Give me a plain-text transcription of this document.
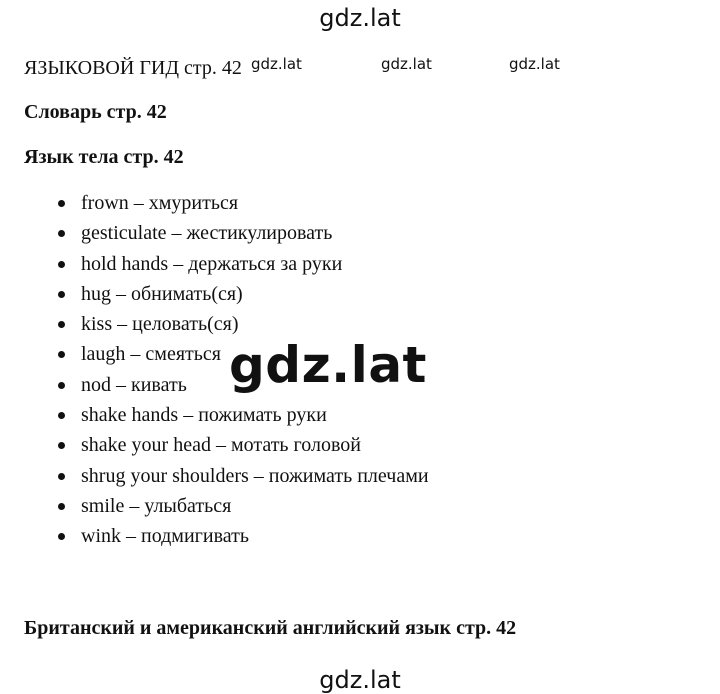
gdz.lat
ЯЗЫКОВОЙ ГИД стр. 42 gdz.lat	gdz.lat	gdz.lat
Словарь стр. 42
Язык тела стр. 42
frown – хмуриться
gesticulate – жестикулировать
hold hands – держаться за руки
hug – обнимать(ся)
kiss – целовать(ся)
laugh – смеяться
nod – кивать
shake hands – пожимать руки
shake your head – мотать головой
shrug your shoulders – пожимать плечами
smile – улыбаться
wink – подмигивать
gdz.lat
Британский и американский английский язык стр. 42
gdz.lat
